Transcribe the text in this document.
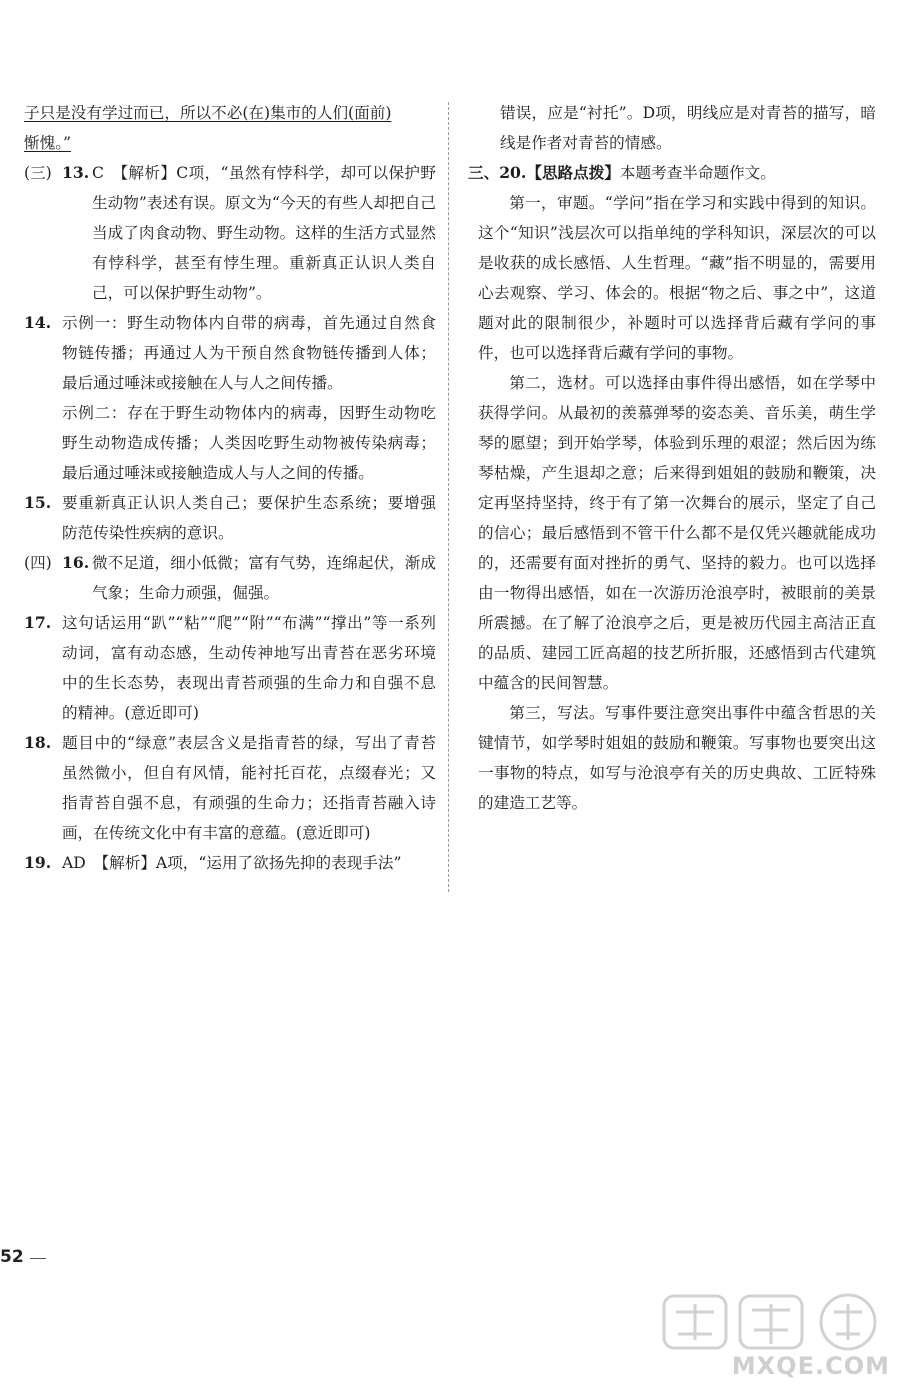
子只是没有学过而已，所以不必(在)集市的人们(面前)

惭愧。”

(三) 13. C　【解析】C项，“虽然有悖科学，却可以保护野生动物”表述有误。原文为“今天的有些人却把自己当成了肉食动物、野生动物。这样的生活方式显然有悖科学，甚至有悖生理。重新真正认识人类自己，可以保护野生动物”。

14. 示例一：野生动物体内自带的病毒，首先通过自然食物链传播；再通过人为干预自然食物链传播到人体；最后通过唾沫或接触在人与人之间传播。

示例二：存在于野生动物体内的病毒，因野生动物吃野生动物造成传播；人类因吃野生动物被传染病毒；最后通过唾沫或接触造成人与人之间的传播。

15. 要重新真正认识人类自己；要保护生态系统；要增强防范传染性疾病的意识。

(四) 16. 微不足道，细小低微；富有气势，连绵起伏，渐成气象；生命力顽强，倔强。

17. 这句话运用“趴”“粘”“爬”“附”“布满”“撑出”等一系列动词，富有动态感，生动传神地写出青苔在恶劣环境中的生长态势，表现出青苔顽强的生命力和自强不息的精神。(意近即可)

18. 题目中的“绿意”表层含义是指青苔的绿，写出了青苔虽然微小，但自有风情，能衬托百花，点缀春光；又指青苔自强不息，有顽强的生命力；还指青苔融入诗画，在传统文化中有丰富的意蕴。(意近即可)

19. AD　【解析】A项，“运用了欲扬先抑的表现手法”

错误，应是“衬托”。D项，明线应是对青苔的描写，暗线是作者对青苔的情感。

三、 20. 【思路点拨】本题考查半命题作文。

第一，审题。“学问”指在学习和实践中得到的知识。这个“知识”浅层次可以指单纯的学科知识，深层次的可以是收获的成长感悟、人生哲理。“藏”指不明显的，需要用心去观察、学习、体会的。根据“物之后、事之中”，这道题对此的限制很少，补题时可以选择背后藏有学问的事件，也可以选择背后藏有学问的事物。

第二，选材。可以选择由事件得出感悟，如在学琴中获得学问。从最初的羡慕弹琴的姿态美、音乐美，萌生学琴的愿望；到开始学琴，体验到乐理的艰涩；然后因为练琴枯燥，产生退却之意；后来得到姐姐的鼓励和鞭策，决定再坚持坚持，终于有了第一次舞台的展示，坚定了自己的信心；最后感悟到不管干什么都不是仅凭兴趣就能成功的，还需要有面对挫折的勇气、坚持的毅力。也可以选择由一物得出感悟，如在一次游历沧浪亭时，被眼前的美景所震撼。在了解了沧浪亭之后，更是被历代园主高洁正直的品质、建园工匠高超的技艺所折服，还感悟到古代建筑中蕴含的民间智慧。

第三，写法。写事件要注意突出事件中蕴含哲思的关键情节，如学琴时姐姐的鼓励和鞭策。写事物也要突出这一事物的特点，如写与沧浪亭有关的历史典故、工匠特殊的建造工艺等。

52
MXQE.COM
